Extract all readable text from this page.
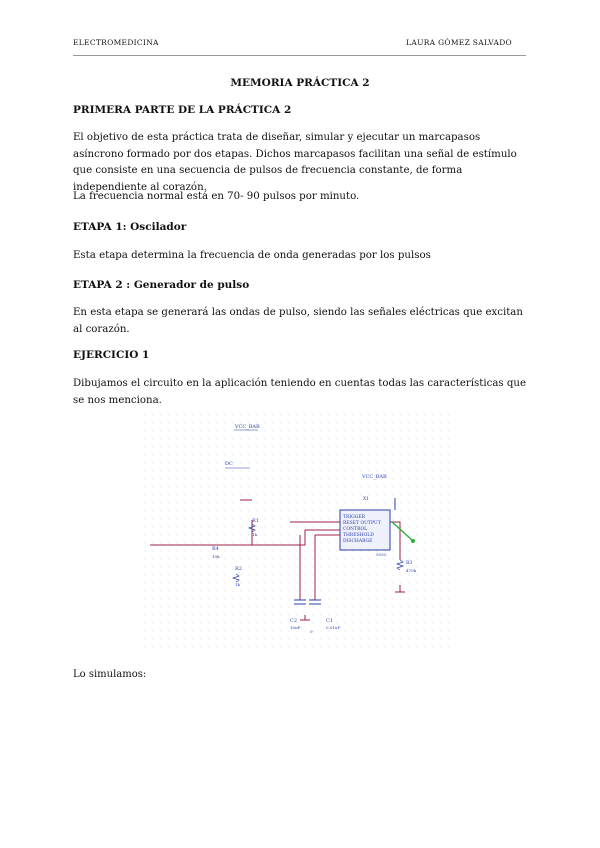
ELECTROMEDICINA	LAURA GÓMEZ SALVADO
MEMORIA PRÁCTICA 2
PRIMERA PARTE DE LA PRÁCTICA 2
El objetivo de esta práctica trata de diseñar, simular y ejecutar un marcapasos asíncrono formado por dos etapas. Dichos marcapasos facilitan una señal de estímulo que consiste en una secuencia de pulsos de frecuencia constante, de forma independiente al corazón.
La frecuencia normal está en 70- 90 pulsos por minuto.
ETAPA 1: Oscilador
Esta etapa determina la frecuencia de onda generadas por los pulsos
ETAPA 2 : Generador de pulso
En esta etapa se generará las ondas de pulso, siendo las señales eléctricas que excitan al corazón.
EJERCICIO 1
Dibujamos el circuito en la aplicación teniendo en cuentas todas las características que se nos menciona.
X1
TRIGGER
RESET OUTPUT
CONTROL
THRESHOLD
DISCHARGE
555C
VCC_BAR
VCC_BAR
DC
R1
1k
R2
1k
R4
10k
R3
470k
C2
10uF
C1
0.01uF
0
Lo simulamos:
